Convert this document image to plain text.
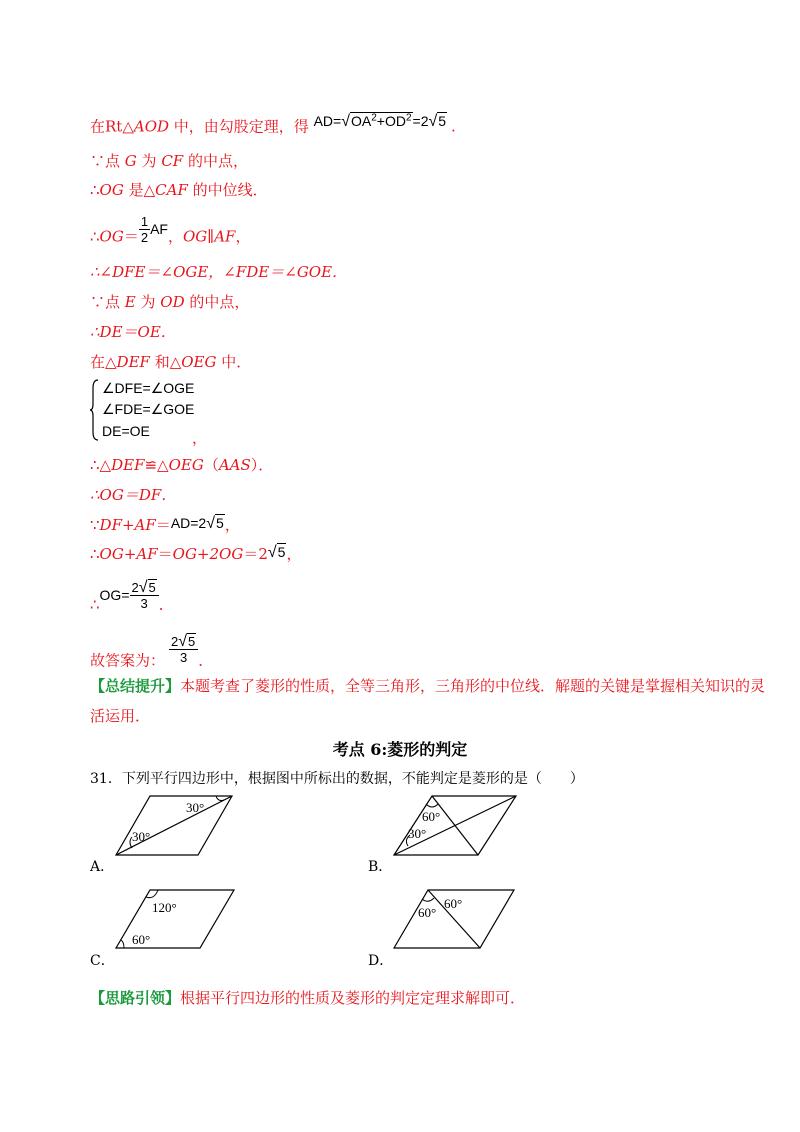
在Rt△AOD 中，由勾股定理，得 $AD=√OA^2+OD^2=2√5$ .
∵点 G 为 CF 的中点，
∴OG 是△CAF 的中位线．
∴OG＝ $\frac{1}{2}$ AF，OG∥AF，
∴∠DFE＝∠OGE，∠FDE＝∠GOE．
∵点 E 为 OD 的中点，
∴DE＝OE．
在△DEF 和△OEG 中．
∠DFE=∠OGE
∠FDE=∠GOE
DE=OE	，
∴△DEF≌△OEG（AAS）．
∴OG＝DF．
∵DF+AF＝AD=2√5，
∴OG+AF＝OG+2OG＝2√5，
∴OG= $\frac{2√5}{3}$ ．
故答案为： $\frac{2√5}{3}$ ．
【总结提升】本题考查了菱形的性质，全等三角形，三角形的中位线．解题的关键是掌握相关知识的灵
活运用．
考点 6:菱形的判定
31．下列平行四边形中，根据图中所标出的数据，不能判定是菱形的是（　　）
30°
30°
A．
60°
30°
B．
120°
60°
C．
60°
60°
D．
【思路引领】根据平行四边形的性质及菱形的判定定理求解即可．
